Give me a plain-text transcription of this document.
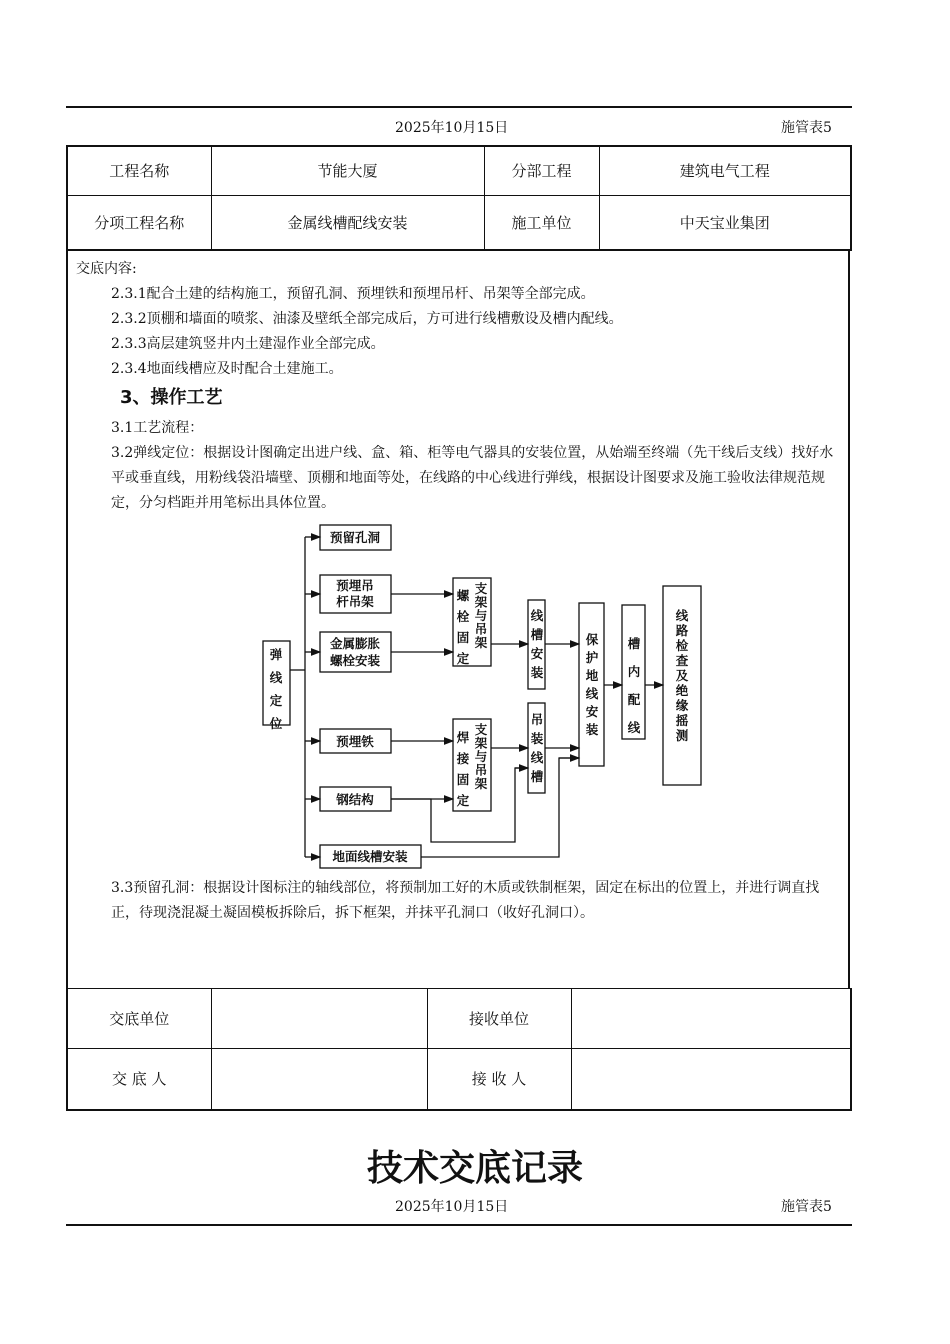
2025年10月15日	施管表5
工程名称	节能大厦	分部工程	建筑电气工程
分项工程名称	金属线槽配线安装	施工单位	中天宝业集团
交底内容:
2.3.1配合土建的结构施工，预留孔洞、预埋铁和预埋吊杆、吊架等全部完成。
2.3.2顶棚和墙面的喷浆、油漆及壁纸全部完成后，方可进行线槽敷设及槽内配线。
2.3.3高层建筑竖井内土建湿作业全部完成。
2.3.4地面线槽应及时配合土建施工。
3、操作工艺
3.1工艺流程：
3.2弹线定位：根据设计图确定出进户线、盒、箱、柜等电气器具的安装位置，从始端至终端（先干线后支线）找好水平或垂直线，用粉线袋沿墙壁、顶棚和地面等处，在线路的中心线进行弹线，根据设计图要求及施工验收法律规范规定，分匀档距并用笔标出具体位置。
预留孔洞
预埋吊
杆吊架
金属膨胀
螺栓安装
预埋铁
钢结构
地面线槽安装
弹线定位
螺栓固定
支架与吊架
焊接固定
支架与吊架
线槽安装
吊装线槽
保护地线安装
槽内配线
线路检查及绝缘摇测
3.3预留孔洞：根据设计图标注的轴线部位，将预制加工好的木质或铁制框架，固定在标出的位置上，并进行调直找正，待现浇混凝土凝固模板拆除后，拆下框架，并抹平孔洞口（收好孔洞口）。
交底单位		接收单位	
交 底 人		接 收 人	
技术交底记录
2025年10月15日	施管表5
